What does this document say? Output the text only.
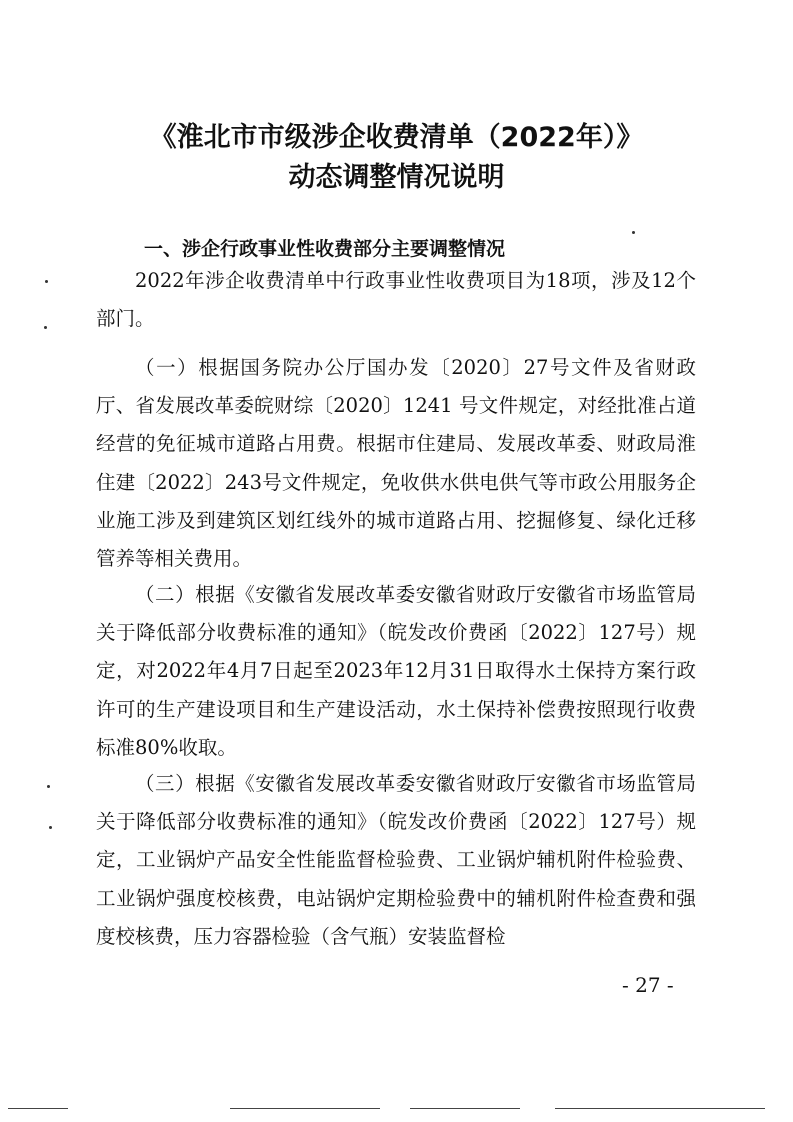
《淮北市市级涉企收费清单（2022年）》
动态调整情况说明
一、涉企行政事业性收费部分主要调整情况

2022年涉企收费清单中行政事业性收费项目为18项，涉及12个部门。

（一）根据国务院办公厅国办发〔2020〕27号文件及省财政厅、省发展改革委皖财综〔2020〕1241 号文件规定，对经批准占道经营的免征城市道路占用费。根据市住建局、发展改革委、财政局淮住建〔2022〕243号文件规定，免收供水供电供气等市政公用服务企业施工涉及到建筑区划红线外的城市道路占用、挖掘修复、绿化迁移管养等相关费用。

（二）根据《安徽省发展改革委安徽省财政厅安徽省市场监管局关于降低部分收费标准的通知》（皖发改价费函〔2022〕127号）规定，对2022年4月7日起至2023年12月31日取得水土保持方案行政许可的生产建设项目和生产建设活动，水土保持补偿费按照现行收费标准80%收取。

（三）根据《安徽省发展改革委安徽省财政厅安徽省市场监管局关于降低部分收费标准的通知》（皖发改价费函〔2022〕127号）规定，工业锅炉产品安全性能监督检验费、工业锅炉辅机附件检验费、工业锅炉强度校核费，电站锅炉定期检验费中的辅机附件检查费和强度校核费，压力容器检验（含气瓶）安装监督检

- 27 -
